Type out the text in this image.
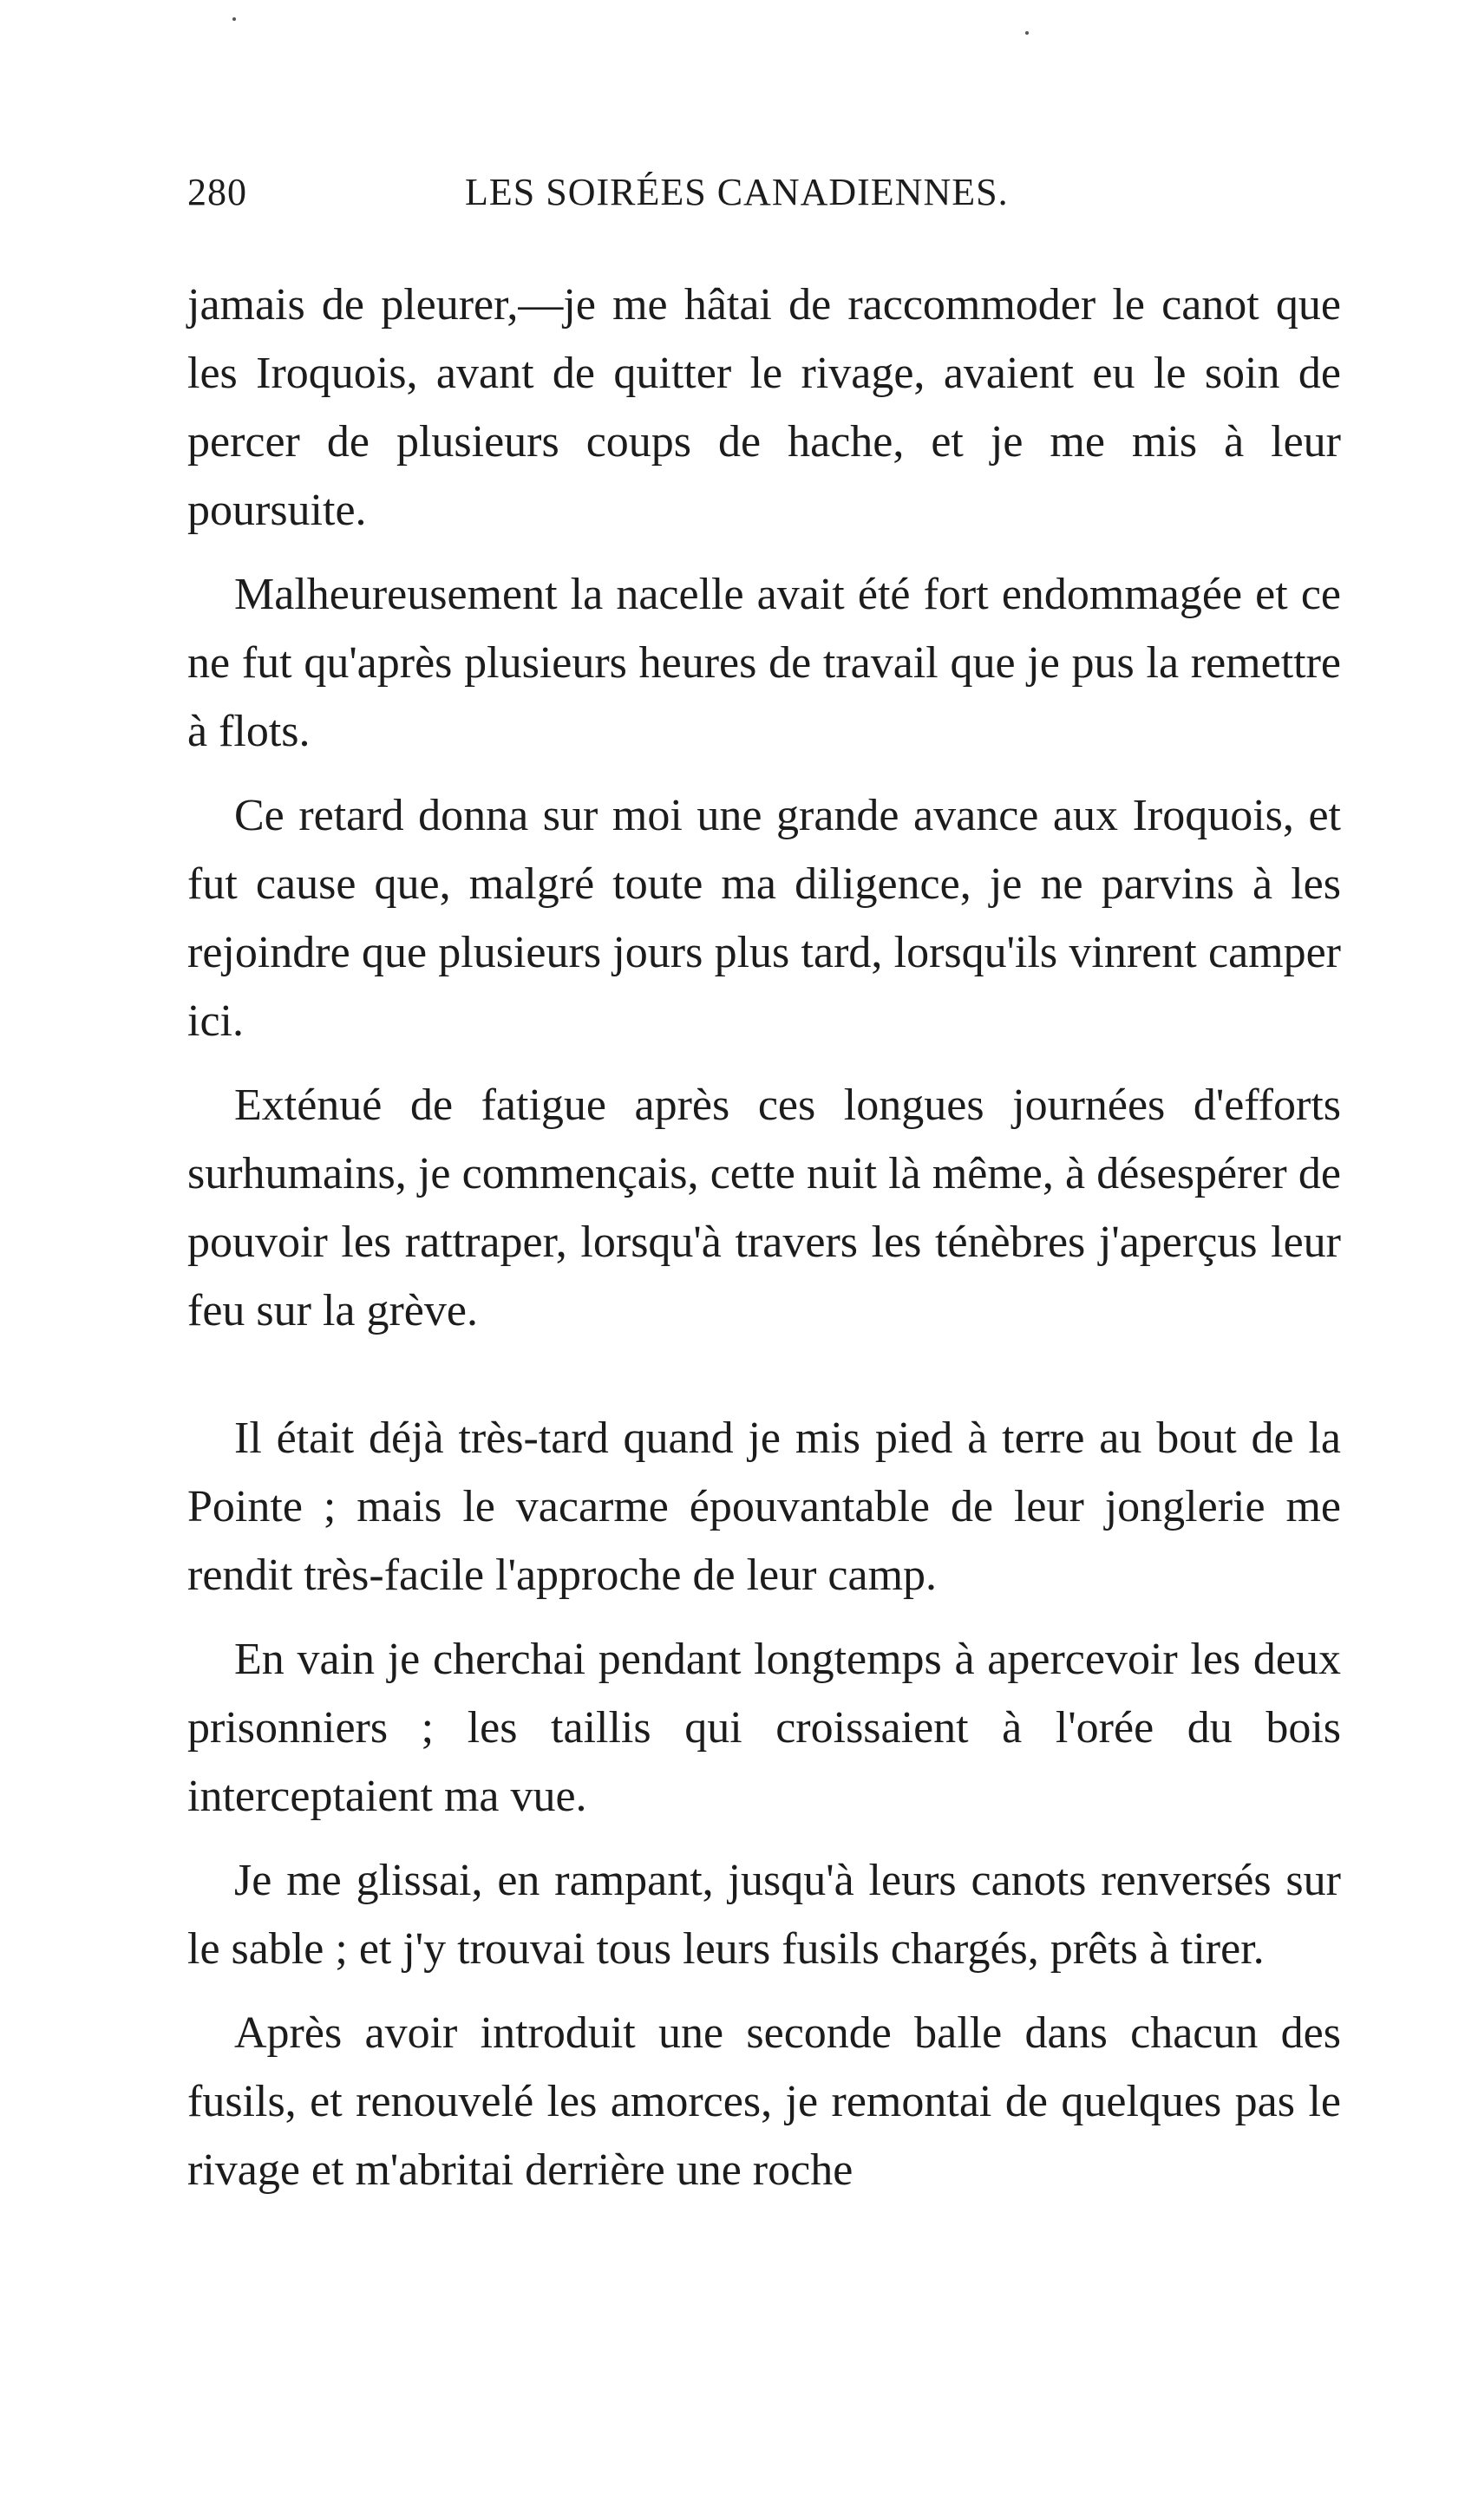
280	LES SOIRÉES CANADIENNES.

jamais de pleurer,—je me hâtai de raccommoder le canot que les Iroquois, avant de quitter le rivage, avaient eu le soin de percer de plusieurs coups de hache, et je me mis à leur poursuite.

Malheureusement la nacelle avait été fort endommagée et ce ne fut qu'après plusieurs heures de travail que je pus la remettre à flots.

Ce retard donna sur moi une grande avance aux Iroquois, et fut cause que, malgré toute ma diligence, je ne parvins à les rejoindre que plusieurs jours plus tard, lorsqu'ils vinrent camper ici.

Exténué de fatigue après ces longues journées d'efforts surhumains, je commençais, cette nuit là même, à désespérer de pouvoir les rattraper, lorsqu'à travers les ténèbres j'aperçus leur feu sur la grève.

Il était déjà très-tard quand je mis pied à terre au bout de la Pointe ; mais le vacarme épouvantable de leur jonglerie me rendit très-facile l'approche de leur camp.

En vain je cherchai pendant longtemps à apercevoir les deux prisonniers ; les taillis qui croissaient à l'orée du bois interceptaient ma vue.

Je me glissai, en rampant, jusqu'à leurs canots renversés sur le sable ; et j'y trouvai tous leurs fusils chargés, prêts à tirer.

Après avoir introduit une seconde balle dans chacun des fusils, et renouvelé les amorces, je remontai de quelques pas le rivage et m'abritai derrière une roche
